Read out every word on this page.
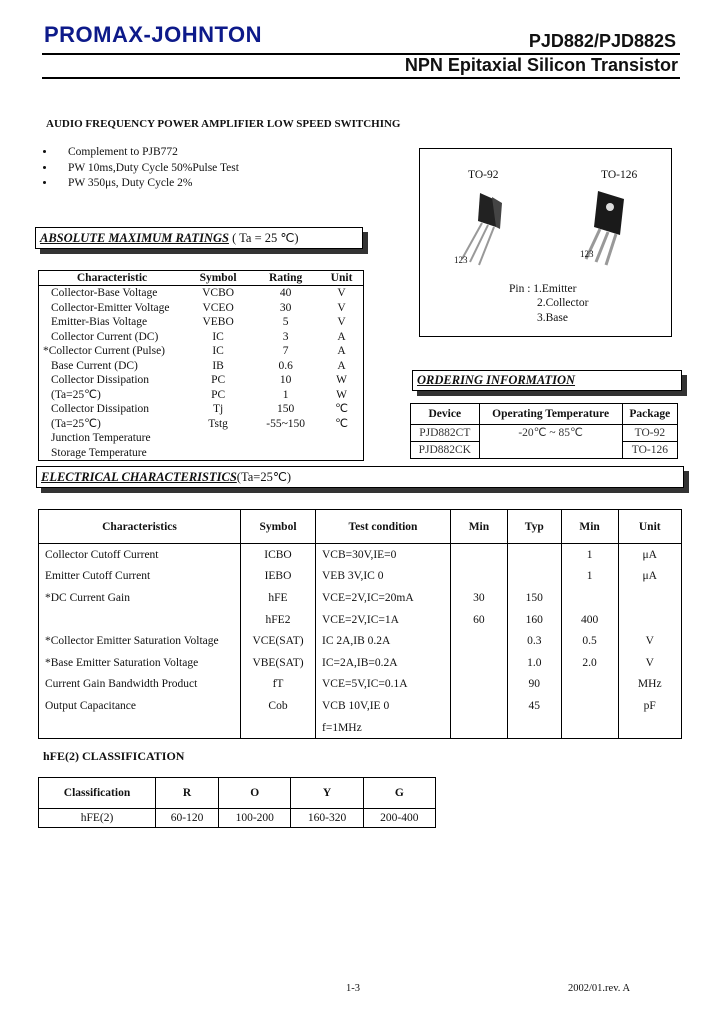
PROMAX-JOHNTON	PJD882/PJD882S
NPN Epitaxial Silicon Transistor
AUDIO FREQUENCY POWER AMPLIFIER LOW SPEED SWITCHING
• Complement to PJB772
• PW 10ms,Duty Cycle 50%Pulse Test
• PW 350μs, Duty Cycle 2%
TO-92	TO-126
123
123
Pin : 1.Emitter
2.Collector
3.Base
ABSOLUTE MAXIMUM RATINGS ( Ta = 25 ℃)
Characteristic	Symbol	Rating	Unit
Collector-Base Voltage	VCBO	40	V
Collector-Emitter Voltage	VCEO	30	V
Emitter-Bias Voltage	VEBO	5	V
Collector Current (DC)	IC	3	A
*Collector Current (Pulse)	IC	7	A
Base Current (DC)	IB	0.6	A
Collector Dissipation	PC	10	W
(Ta=25℃)	PC	1	W
Collector Dissipation	Tj	150	℃
(Ta=25℃)	Tstg	-55~150	℃
Junction Temperature			
Storage Temperature			
ORDERING INFORMATION
Device	Operating Temperature	Package
PJD882CT	-20℃ ~ 85℃	TO-92
PJD882CK		TO-126
ELECTRICAL CHARACTERISTICS(Ta=25℃)
Characteristics	Symbol	Test condition	Min	Typ	Min	Unit
Collector Cutoff Current	ICBO	VCB=30V,IE=0			1	μA
Emitter Cutoff Current	IEBO	VEB 3V,IC 0			1	μA
*DC Current Gain	hFE	VCE=2V,IC=20mA	30	150		
	hFE2	VCE=2V,IC=1A	60	160	400	
*Collector Emitter Saturation Voltage	VCE(SAT)	IC 2A,IB 0.2A		0.3	0.5	V
*Base Emitter Saturation Voltage	VBE(SAT)	IC=2A,IB=0.2A		1.0	2.0	V
Current Gain Bandwidth Product	fT	VCE=5V,IC=0.1A		90		MHz
Output Capacitance	Cob	VCB 10V,IE 0		45		pF
		f=1MHz				
hFE(2) CLASSIFICATION
Classification	R	O	Y	G
hFE(2)	60-120	100-200	160-320	200-400
1-3	2002/01.rev. A
